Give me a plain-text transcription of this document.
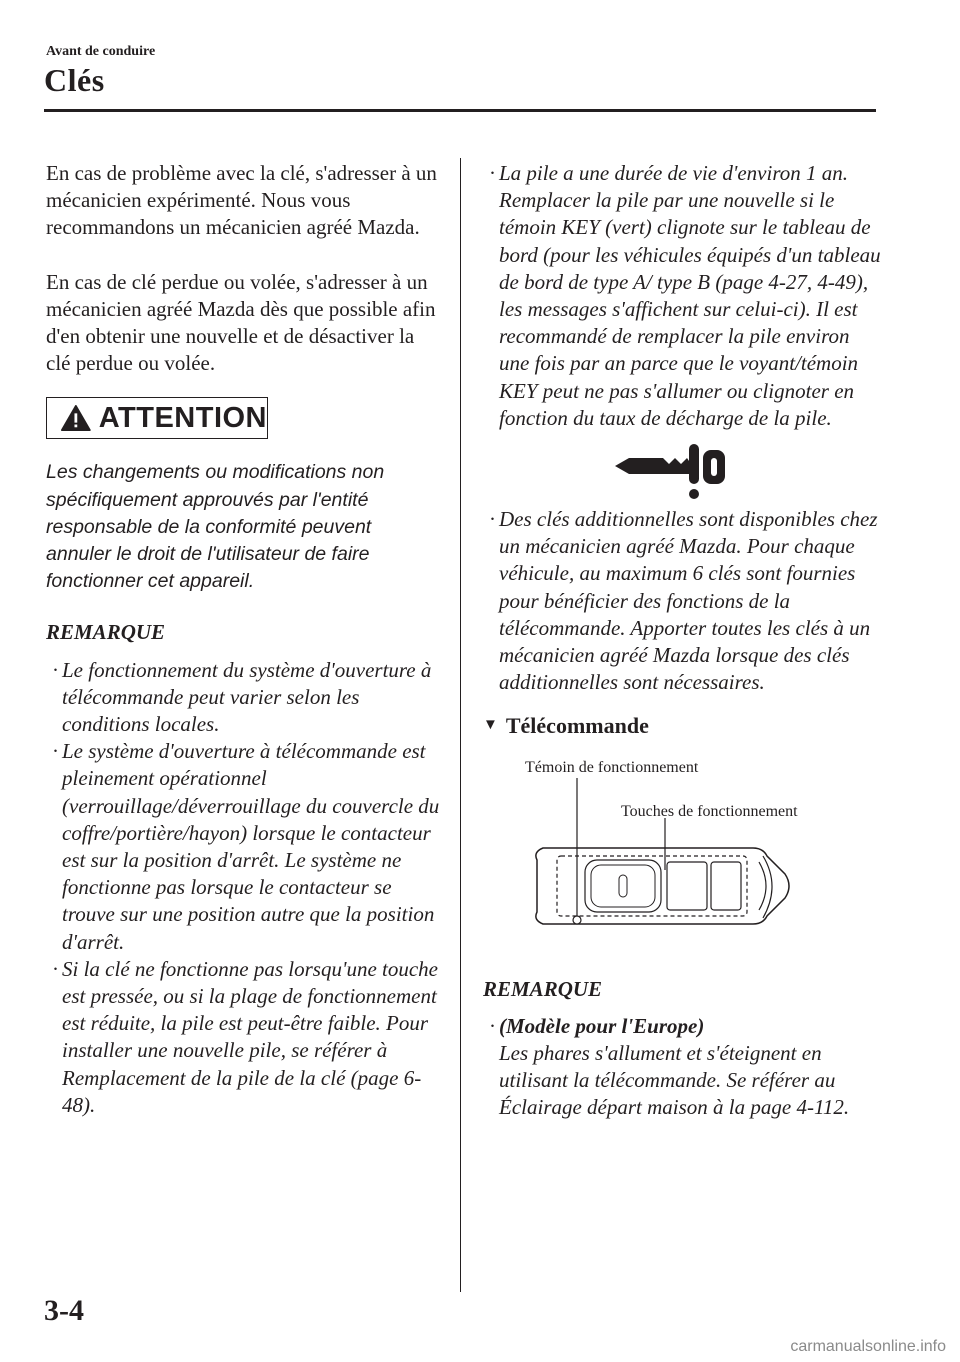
Avant de conduire
Clés

En cas de problème avec la clé, s'adresser à un mécanicien expérimenté. Nous vous recommandons un mécanicien agréé Mazda.

En cas de clé perdue ou volée, s'adresser à un mécanicien agréé Mazda dès que possible afin d'en obtenir une nouvelle et de désactiver la clé perdue ou volée.

ATTENTION
Les changements ou modifications non spécifiquement approuvés par l'entité responsable de la conformité peuvent annuler le droit de l'utilisateur de faire fonctionner cet appareil.
REMARQUE
· Le fonctionnement du système d'ouverture à télécommande peut varier selon les conditions locales.
· Le système d'ouverture à télécommande est pleinement opérationnel (verrouillage/déverrouillage du couvercle du coffre/portière/hayon) lorsque le contacteur est sur la position d'arrêt. Le système ne fonctionne pas lorsque le contacteur se trouve sur une position autre que la position d'arrêt.
· Si la clé ne fonctionne pas lorsqu'une touche est pressée, ou si la plage de fonctionnement est réduite, la pile est peut-être faible. Pour installer une nouvelle pile, se référer à Remplacement de la pile de la clé (page 6-48).
· La pile a une durée de vie d'environ 1 an. Remplacer la pile par une nouvelle si le témoin KEY (vert) clignote sur le tableau de bord (pour les véhicules équipés d'un tableau de bord de type A/ type B (page 4-27, 4-49), les messages s'affichent sur celui-ci). Il est recommandé de remplacer la pile environ une fois par an parce que le voyant/témoin KEY peut ne pas s'allumer ou clignoter en fonction du taux de décharge de la pile.
· Des clés additionnelles sont disponibles chez un mécanicien agréé Mazda. Pour chaque véhicule, au maximum 6 clés sont fournies pour bénéficier des fonctions de la télécommande. Apporter toutes les clés à un mécanicien agréé Mazda lorsque des clés additionnelles sont nécessaires.
▼ Télécommande
Témoin de fonctionnement
Touches de fonctionnement
REMARQUE
· (Modèle pour l'Europe)
Les phares s'allument et s'éteignent en utilisant la télécommande. Se référer au Éclairage départ maison à la page 4-112.
3-4
carmanualsonline.info
